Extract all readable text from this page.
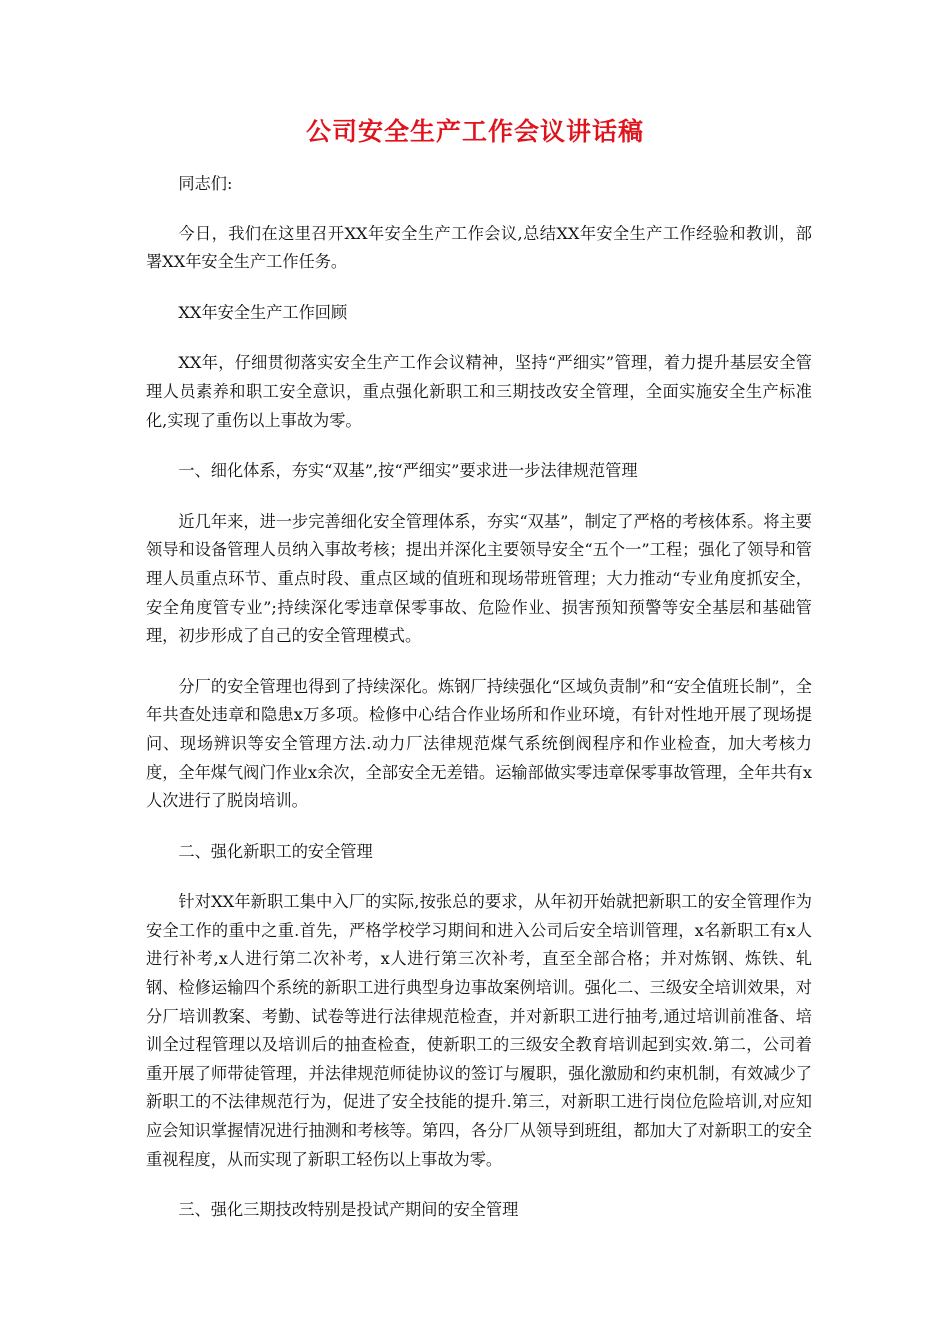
公司安全生产工作会议讲话稿

同志们:

今日，我们在这里召开XX年安全生产工作会议,总结XX年安全生产工作经验和教训，部署XX年安全生产工作任务。

XX年安全生产工作回顾

XX年，仔细贯彻落实安全生产工作会议精神，坚持“严细实”管理，着力提升基层安全管理人员素养和职工安全意识，重点强化新职工和三期技改安全管理，全面实施安全生产标准化,实现了重伤以上事故为零。

一、细化体系，夯实“双基”,按“严细实”要求进一步法律规范管理

近几年来，进一步完善细化安全管理体系，夯实“双基”，制定了严格的考核体系。将主要领导和设备管理人员纳入事故考核；提出并深化主要领导安全“五个一”工程；强化了领导和管理人员重点环节、重点时段、重点区域的值班和现场带班管理；大力推动“专业角度抓安全，安全角度管专业”;持续深化零违章保零事故、危险作业、损害预知预警等安全基层和基础管理，初步形成了自己的安全管理模式。

分厂的安全管理也得到了持续深化。炼钢厂持续强化“区域负责制”和“安全值班长制”，全年共查处违章和隐患x万多项。检修中心结合作业场所和作业环境，有针对性地开展了现场提问、现场辨识等安全管理方法.动力厂法律规范煤气系统倒阀程序和作业检查，加大考核力度，全年煤气阀门作业x余次，全部安全无差错。运输部做实零违章保零事故管理，全年共有x人次进行了脱岗培训。

二、强化新职工的安全管理

针对XX年新职工集中入厂的实际,按张总的要求，从年初开始就把新职工的安全管理作为安全工作的重中之重.首先，严格学校学习期间和进入公司后安全培训管理，x名新职工有x人进行补考,x人进行第二次补考，x人进行第三次补考，直至全部合格；并对炼钢、炼铁、轧钢、检修运输四个系统的新职工进行典型身边事故案例培训。强化二、三级安全培训效果，对分厂培训教案、考勤、试卷等进行法律规范检查，并对新职工进行抽考,通过培训前准备、培训全过程管理以及培训后的抽查检查，使新职工的三级安全教育培训起到实效.第二，公司着重开展了师带徒管理，并法律规范师徒协议的签订与履职，强化激励和约束机制，有效减少了新职工的不法律规范行为，促进了安全技能的提升.第三，对新职工进行岗位危险培训,对应知应会知识掌握情况进行抽测和考核等。第四，各分厂从领导到班组，都加大了对新职工的安全重视程度，从而实现了新职工轻伤以上事故为零。

三、强化三期技改特别是投试产期间的安全管理
